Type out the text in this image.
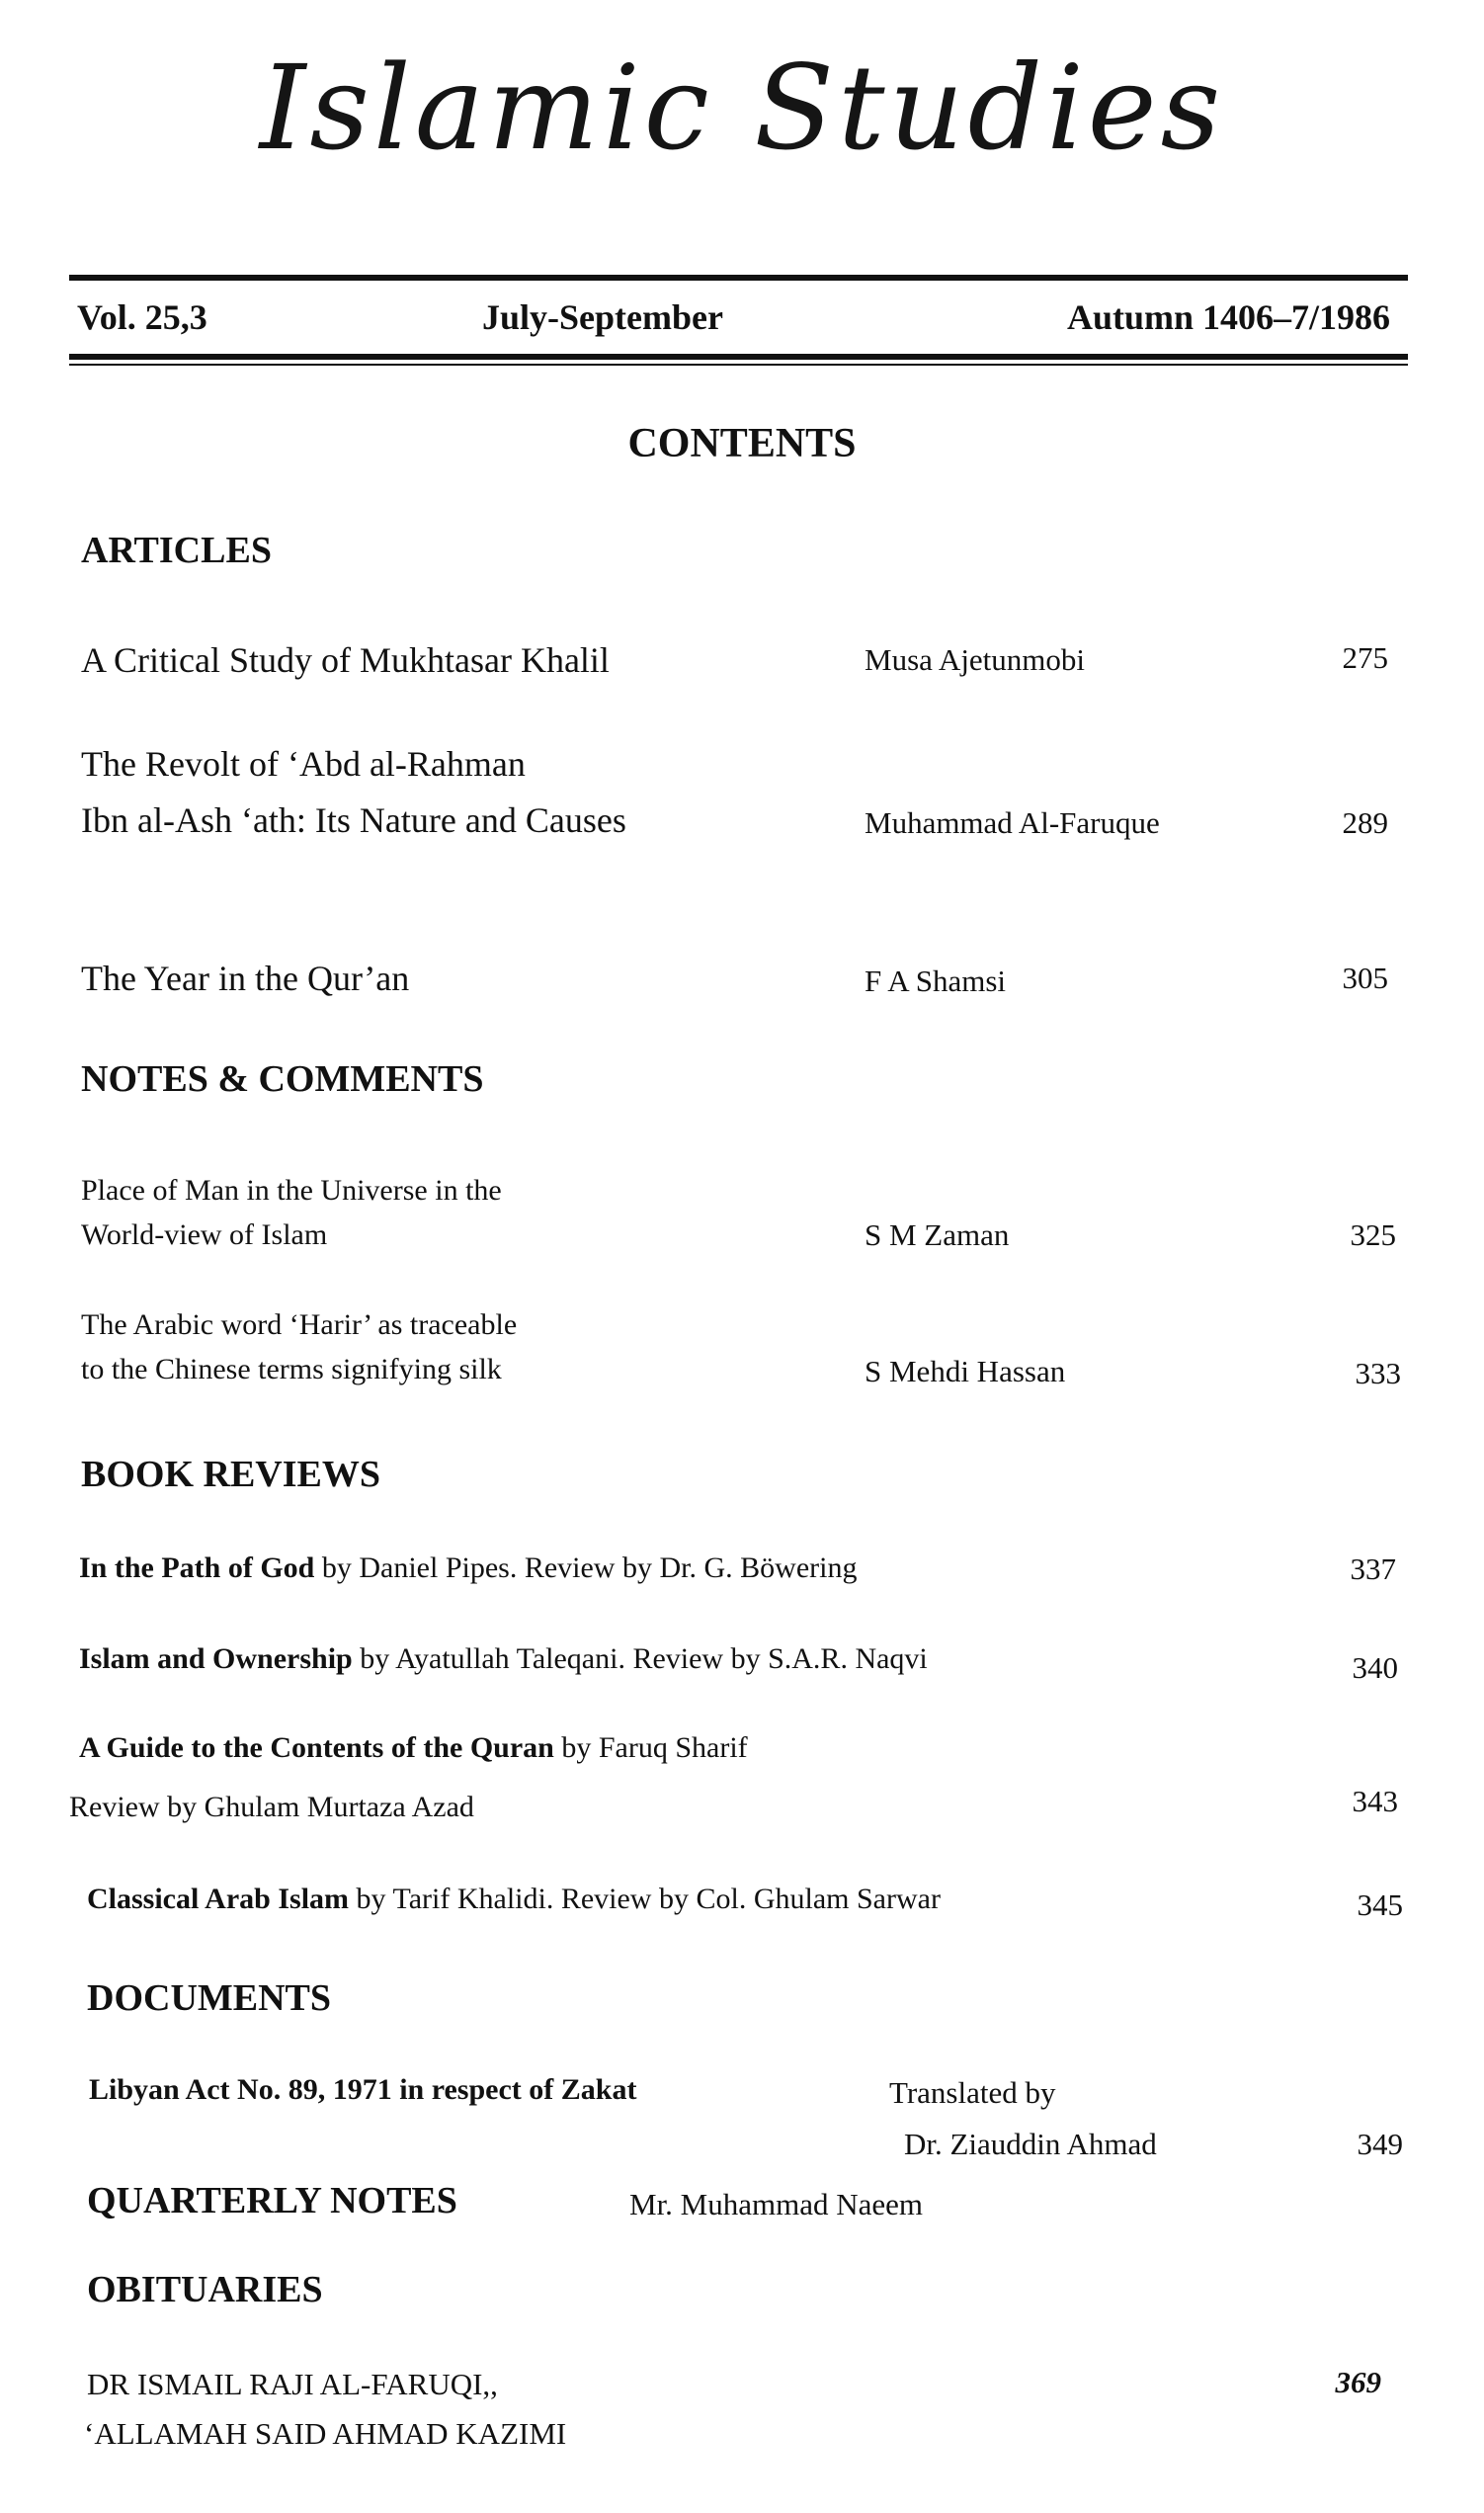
Islamic Studies
Vol. 25,3	July-September	Autumn 1406–7/1986
CONTENTS
ARTICLES
A Critical Study of Mukhtasar Khalil	Musa Ajetunmobi	275
The Revolt of ‘Abd al-Rahman
Ibn al-Ash ‘ath: Its Nature and Causes	Muhammad Al-Faruque	289
The Year in the Qur’an	F A Shamsi	305
NOTES & COMMENTS
Place of Man in the Universe in the
World-view of Islam	S M Zaman	325
The Arabic word ‘Harir’ as traceable
to the Chinese terms signifying silk	S Mehdi Hassan	333
BOOK REVIEWS
In the Path of God by Daniel Pipes. Review by Dr. G. Böwering	337
Islam and Ownership by Ayatullah Taleqani. Review by S.A.R. Naqvi	340
A Guide to the Contents of the Quran by Faruq Sharif
Review by Ghulam Murtaza Azad	343
Classical Arab Islam by Tarif Khalidi. Review by Col. Ghulam Sarwar	345
DOCUMENTS
Libyan Act No. 89, 1971 in respect of Zakat	Translated by
Dr. Ziauddin Ahmad	349
QUARTERLY NOTES	Mr. Muhammad Naeem
OBITUARIES
DR ISMAIL RAJI AL-FARUQI,,
‘ALLAMAH SAID AHMAD KAZIMI
369
